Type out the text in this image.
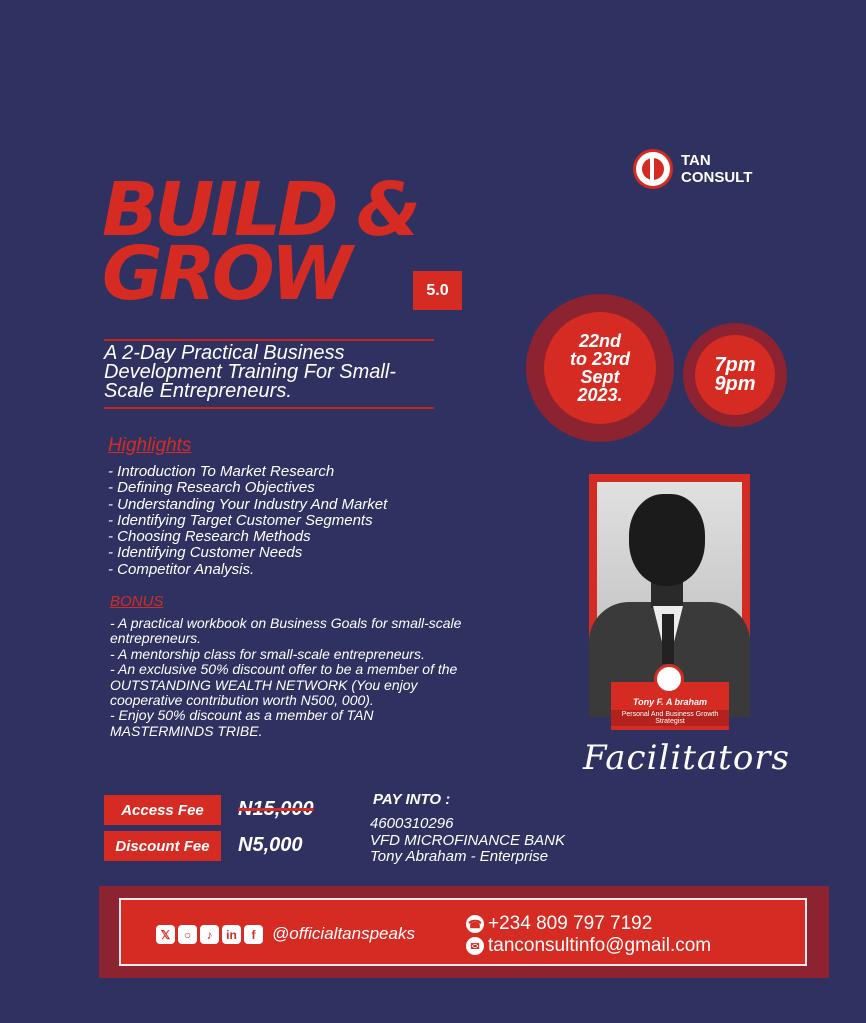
TAN
CONSULT
BUILD &
GROW	5.0
A 2-Day Practical Business Development Training For Small-Scale Entrepreneurs.
22nd
to 23rd
Sept
2023.
7pm
9pm
Highlights
- Introduction To Market Research
- Defining Research Objectives
- Understanding Your Industry And Market
- Identifying Target Customer Segments
- Choosing Research Methods
- Identifying Customer Needs
- Competitor Analysis.
BONUS
- A practical workbook on Business Goals for small-scale entrepreneurs.
- A mentorship class for small-scale entrepreneurs.
- An exclusive 50% discount offer to be a member of the OUTSTANDING WEALTH NETWORK (You enjoy cooperative contribution worth N500, 000).
- Enjoy 50% discount as a member of TAN MASTERMINDS TRIBE.
Tony F. A braham
Personal And Business Growth Strategist
Facilitators
Access Fee	N15,000
Discount Fee	N5,000
PAY INTO :
4600310296
VFD MICROFINANCE BANK
Tony Abraham - Enterprise
𝕏	○	♪	in	f @officialtanspeaks	☎ +234 809 797 7192
✉ tanconsultinfo@gmail.com
